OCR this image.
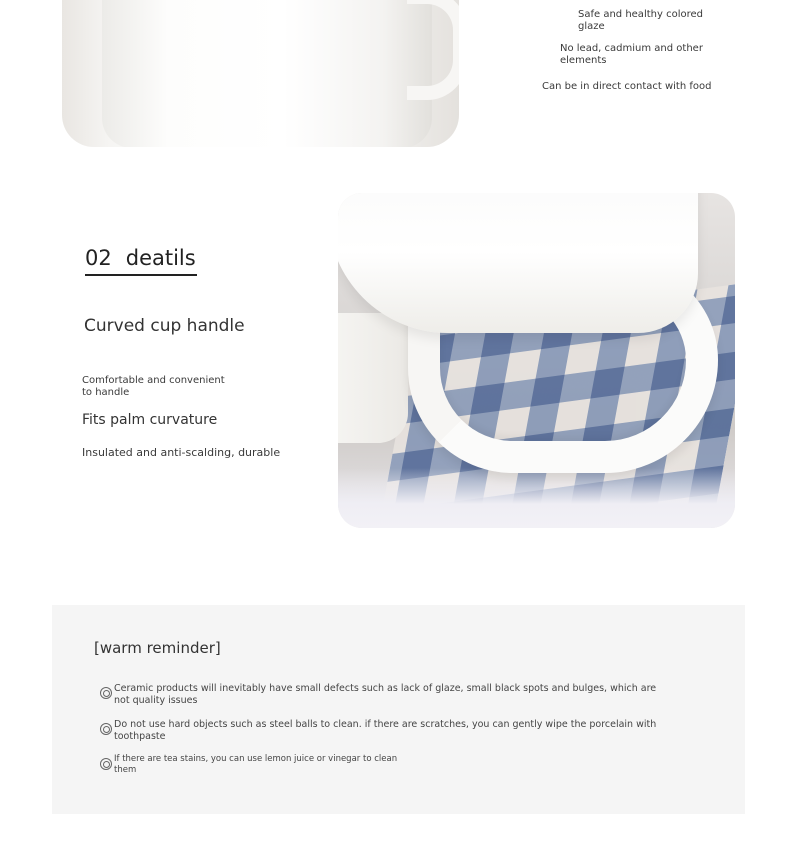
Safe and healthy colored glaze
No lead, cadmium and other elements
Can be in direct contact with food
02 deatils
Curved cup handle
Comfortable and convenient to handle
Fits palm curvature
Insulated and anti-scalding, durable
[warm reminder]
Ceramic products will inevitably have small defects such as lack of glaze, small black spots and bulges, which are not quality issues
Do not use hard objects such as steel balls to clean. if there are scratches, you can gently wipe the porcelain with toothpaste
If there are tea stains, you can use lemon juice or vinegar to clean them
